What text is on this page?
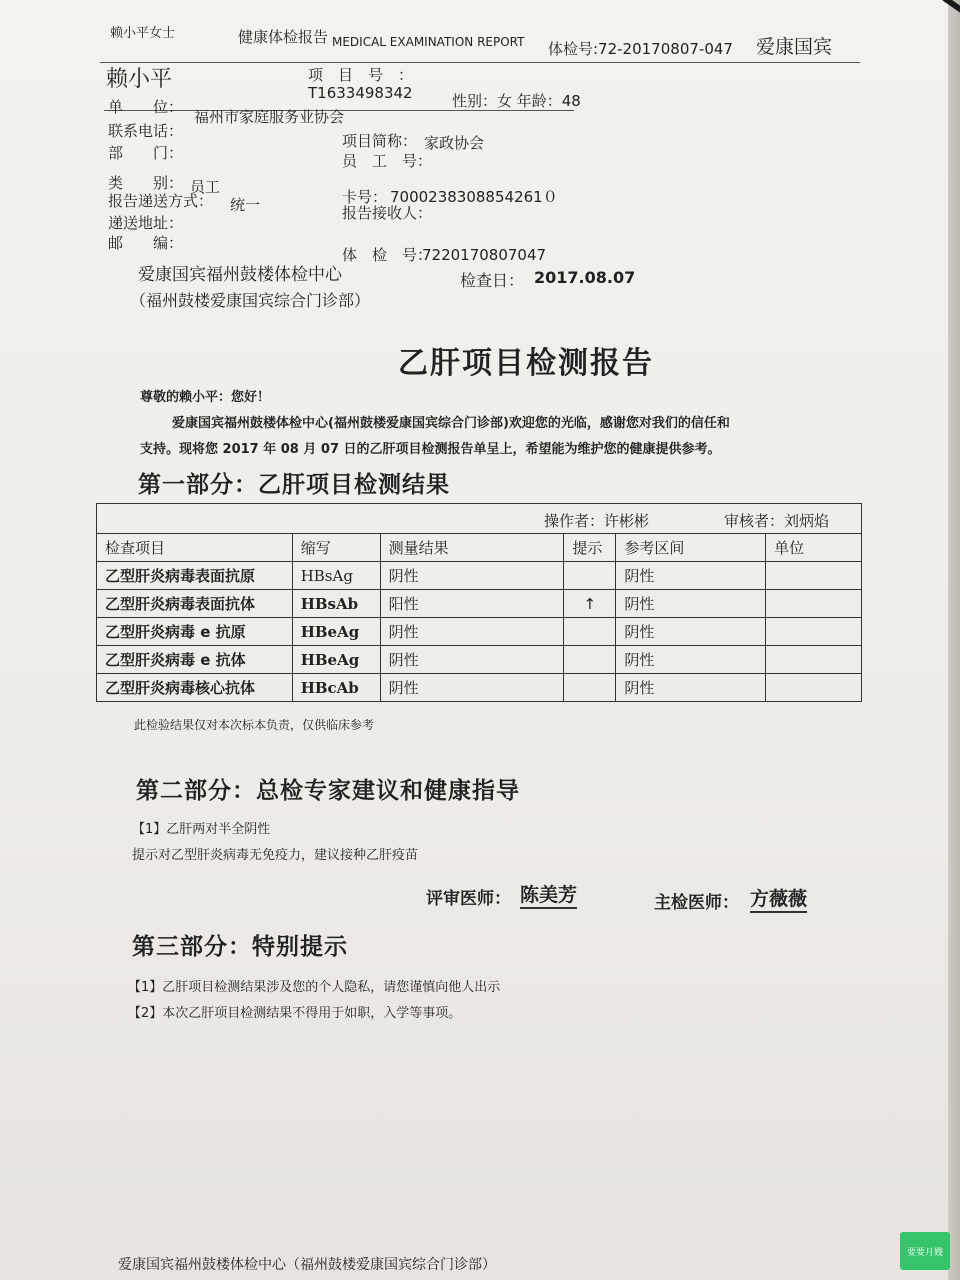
赖小平女士	健康体检报告 MEDICAL EXAMINATION REPORT 体检号:72-20170807-047 爱康国宾
赖小平	项　目　号　：
T1633498342	性别：女 年龄：48
单　　位：
福州市家庭服务业协会
联系电话：
部　　门：
项目简称： 家政协会
员　工　号：
类　　别： 员工
报告递送方式： 统一	卡号： 7000238308854261０
报告接收人：
递送地址：
邮　　编：
体　检　号：
7220170807047
爱康国宾福州鼓楼体检中心
（福州鼓楼爱康国宾综合门诊部）
检查日： 2017.08.07
乙肝项目检测报告
尊敬的赖小平：您好！
爱康国宾福州鼓楼体检中心(福州鼓楼爱康国宾综合门诊部)欢迎您的光临，感谢您对我们的信任和
支持。现将您 2017 年 08 月 07 日的乙肝项目检测报告单呈上，希望能为维护您的健康提供参考。
第一部分：乙肝项目检测结果
操作者：许彬彬	审核者：刘炳焰
检查项目	缩写	测量结果	提示	参考区间	单位
乙型肝炎病毒表面抗原	HBsAg	阴性		阴性	
乙型肝炎病毒表面抗体	HBsAb	阳性	↑	阴性	
乙型肝炎病毒 e 抗原	HBeAg	阴性		阴性	
乙型肝炎病毒 e 抗体	HBeAg	阴性		阴性	
乙型肝炎病毒核心抗体	HBcAb	阴性		阴性	
此检验结果仅对本次标本负责，仅供临床参考
第二部分：总检专家建议和健康指导
【1】乙肝两对半全阴性
提示对乙型肝炎病毒无免疫力，建议接种乙肝疫苗
评审医师： 陈美芳	主检医师： 方薇薇
第三部分：特别提示
【1】乙肝项目检测结果涉及您的个人隐私，请您谨慎向他人出示
【2】本次乙肝项目检测结果不得用于如职，入学等事项。
爱康国宾福州鼓楼体检中心（福州鼓楼爱康国宾综合门诊部）
要要月嫂
